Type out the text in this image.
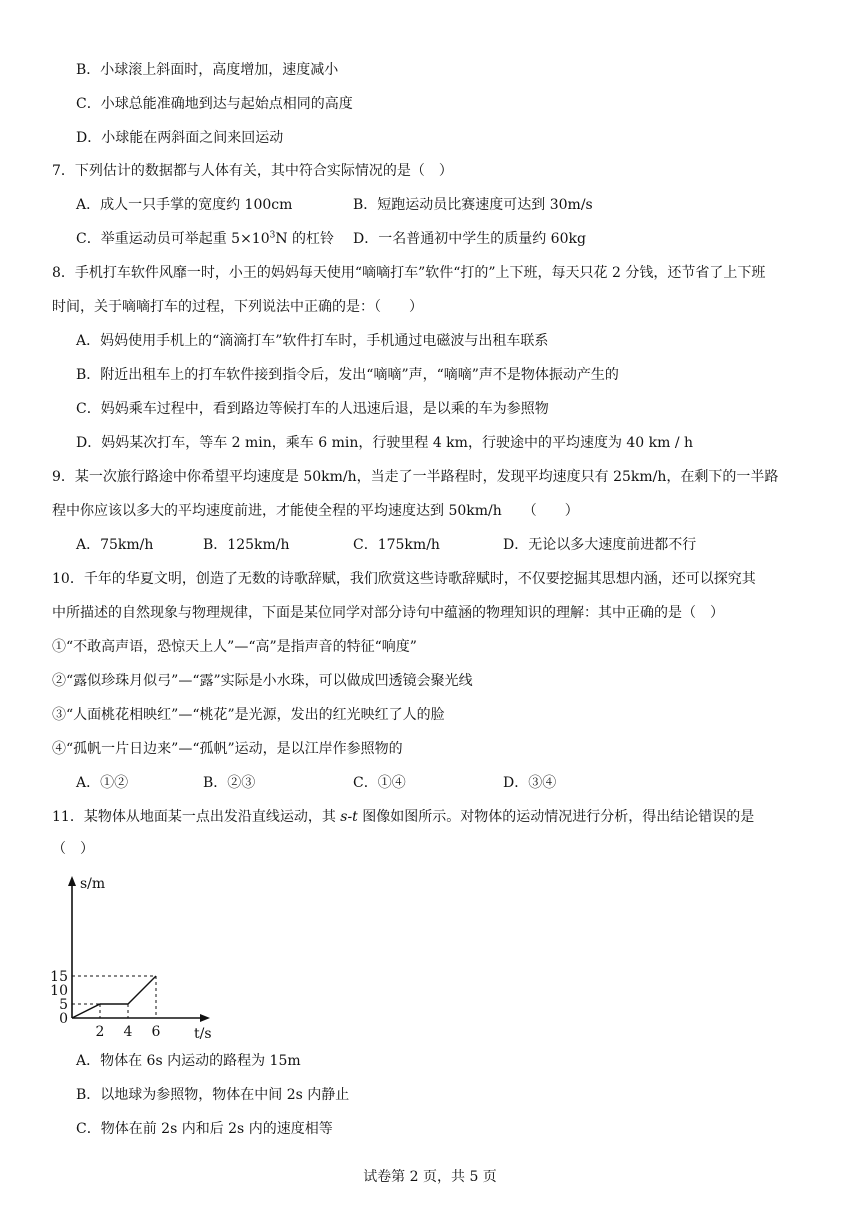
B．小球滚上斜面时，高度增加，速度减小
C．小球总能准确地到达与起始点相同的高度
D．小球能在两斜面之间来回运动
7．下列估计的数据都与人体有关，其中符合实际情况的是（　）
A．成人一只手掌的宽度约 100cm	B．短跑运动员比赛速度可达到 30m/s
C．举重运动员可举起重 $5\times 10^3N$ 的杠铃 D．一名普通初中学生的质量约 60kg
8．手机打车软件风靡一时，小王的妈妈每天使用“嘀嘀打车”软件“打的”上下班，每天只花 2 分钱，还节省了上下班
时间，关于嘀嘀打车的过程，下列说法中正确的是：（　　）
A．妈妈使用手机上的“滴滴打车”软件打车时，手机通过电磁波与出租车联系
B．附近出租车上的打车软件接到指令后，发出“嘀嘀”声，“嘀嘀”声不是物体振动产生的
C．妈妈乘车过程中，看到路边等候打车的人迅速后退，是以乘的车为参照物
D．妈妈某次打车，等车 2 min，乘车 6 min，行驶里程 4 km，行驶途中的平均速度为 40 km / h
9．某一次旅行路途中你希望平均速度是 50km/h，当走了一半路程时，发现平均速度只有 25km/h，在剩下的一半路
程中你应该以多大的平均速度前进，才能使全程的平均速度达到 50km/h　　（　　）
A．75km/h	B．125km/h	C．175km/h	D．无论以多大速度前进都不行
10．千年的华夏文明，创造了无数的诗歌辞赋，我们欣赏这些诗歌辞赋时，不仅要挖掘其思想内涵，还可以探究其
中所描述的自然现象与物理规律，下面是某位同学对部分诗句中蕴涵的物理知识的理解：其中正确的是（　）
①“不敢高声语，恐惊天上人”—“高”是指声音的特征“响度”
②“露似珍珠月似弓”—“露”实际是小水珠，可以做成凹透镜会聚光线
③“人面桃花相映红”—“桃花”是光源，发出的红光映红了人的脸
④“孤帆一片日边来”—“孤帆”运动，是以江岸作参照物的
A．①②	B．②③	C．①④	D．③④
11．某物体从地面某一点出发沿直线运动，其 s-t 图像如图所示。对物体的运动情况进行分析，得出结论错误的是
（　）
2 4 6
5
10
15
0
s/m
t/s
A．物体在 6s 内运动的路程为 15m
B．以地球为参照物，物体在中间 2s 内静止
C．物体在前 2s 内和后 2s 内的速度相等
试卷第 2 页，共 5 页
